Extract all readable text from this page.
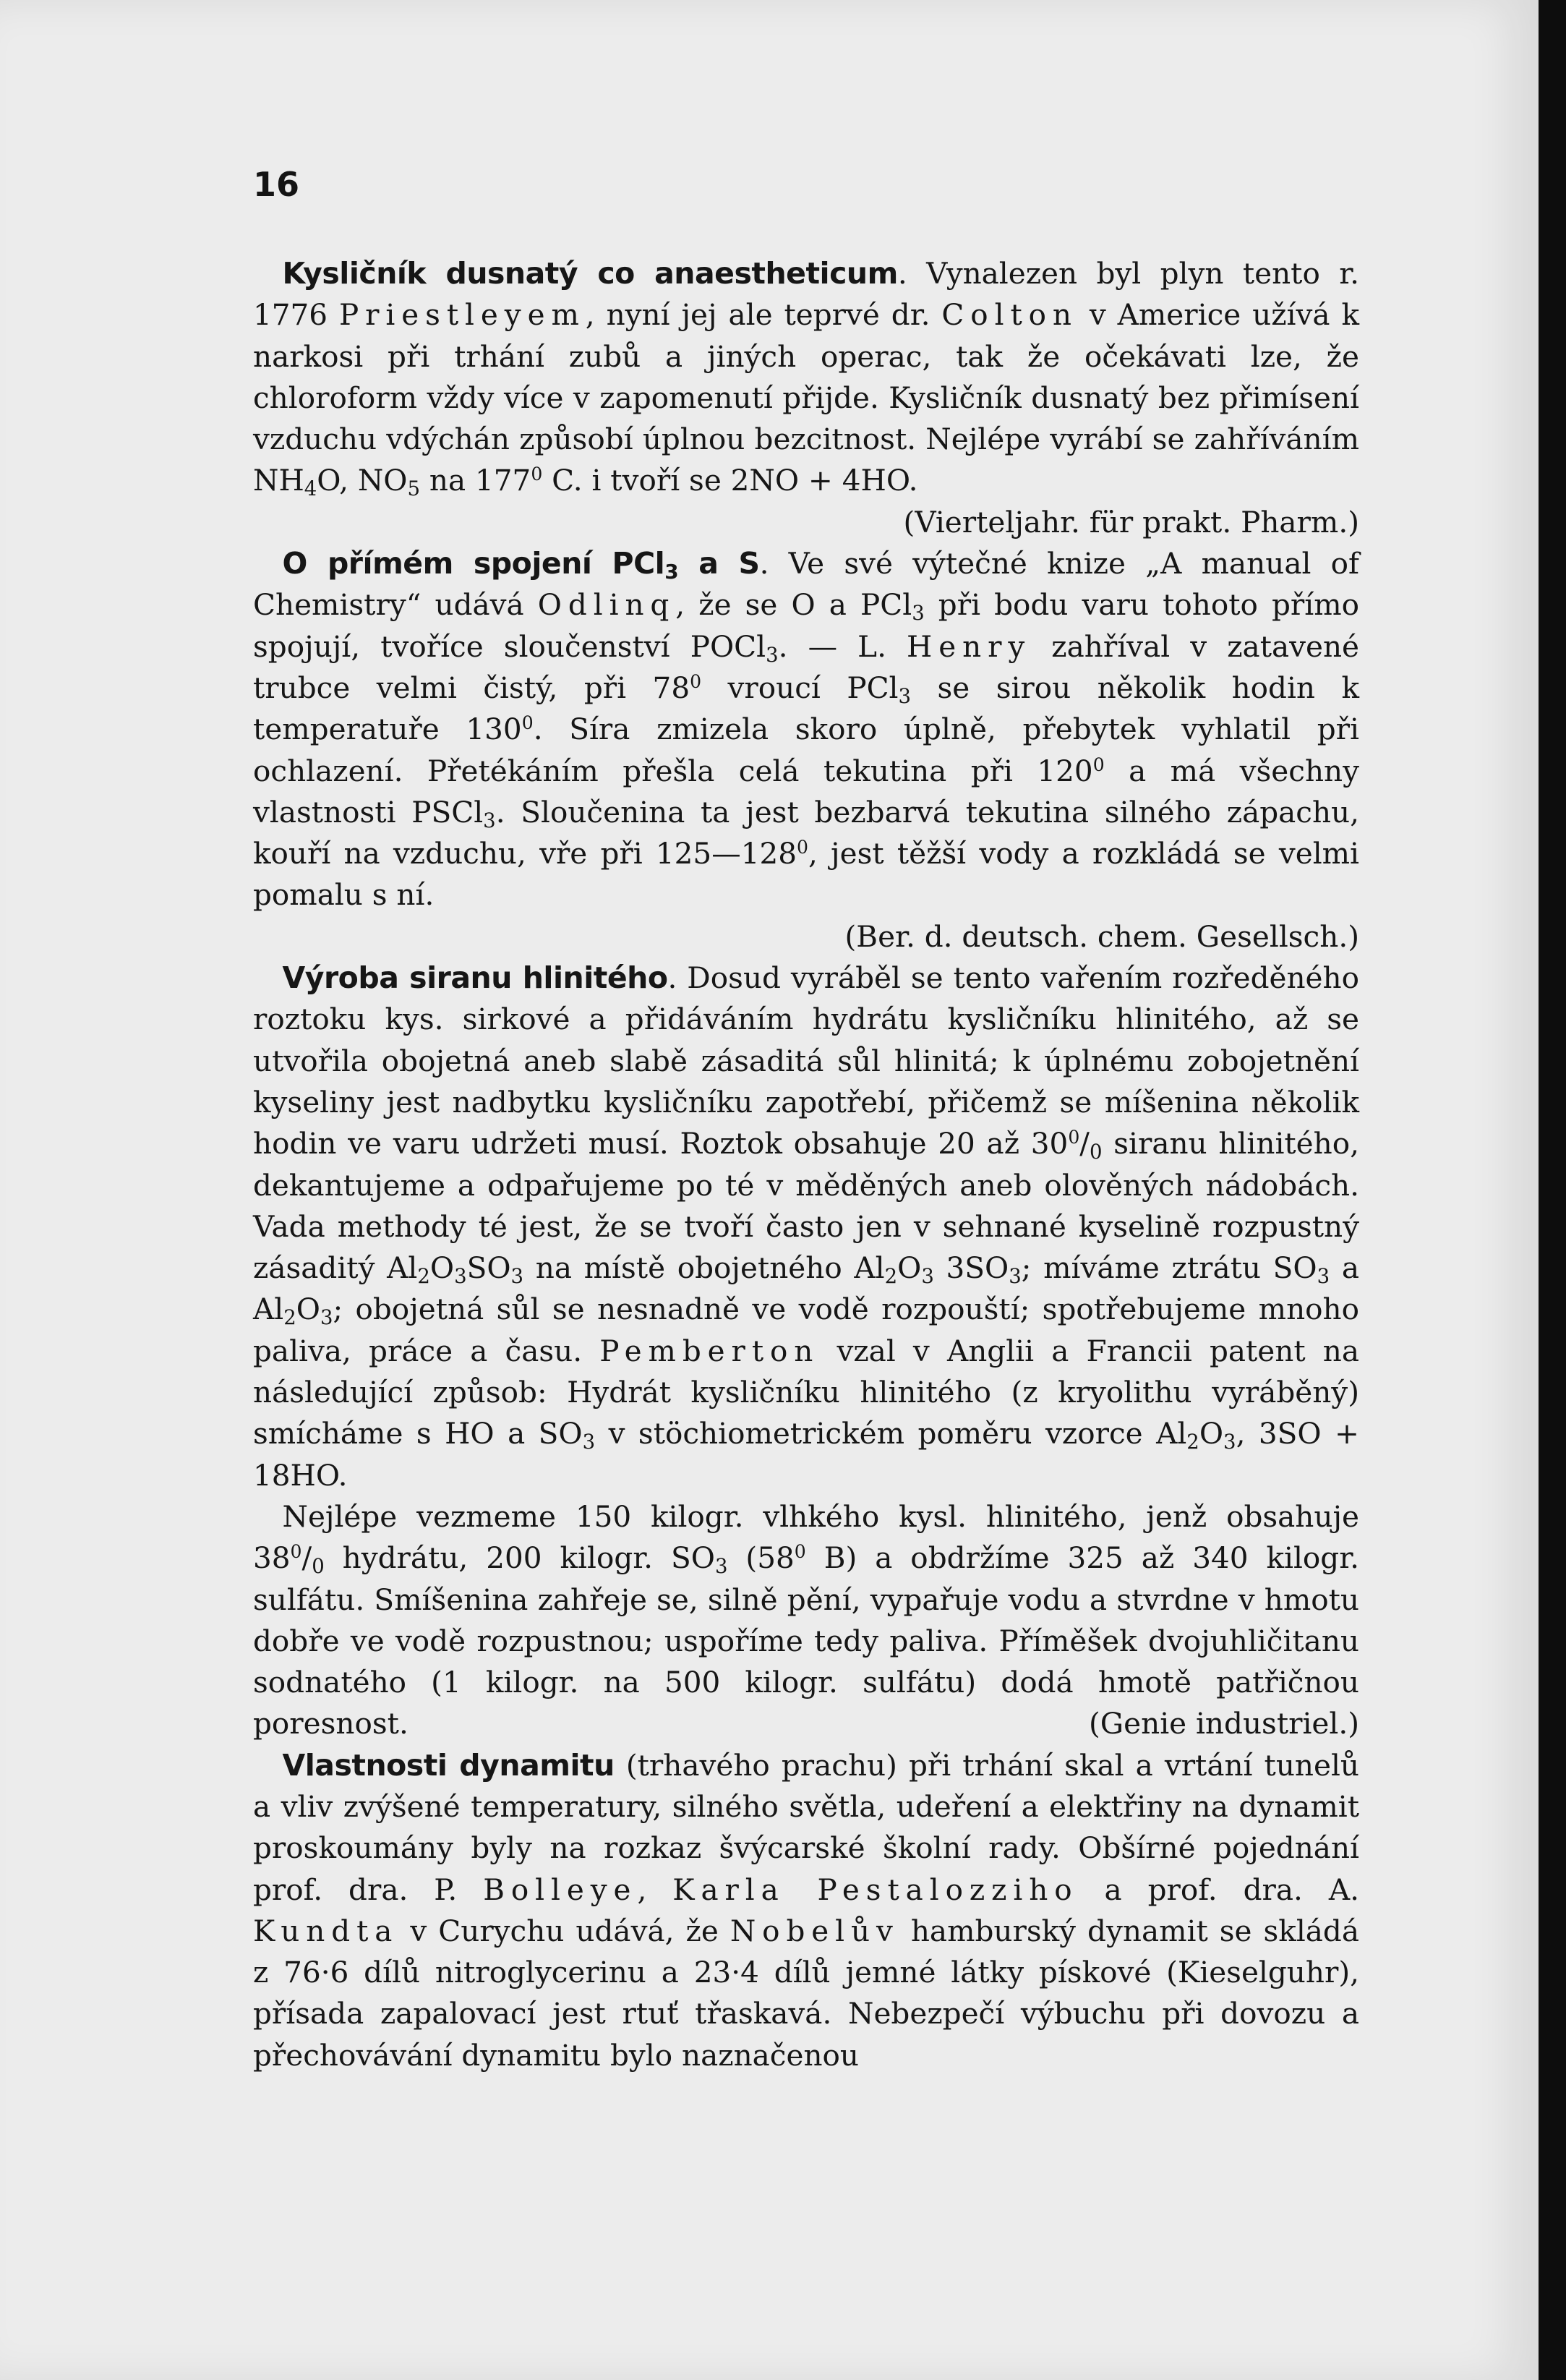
16

Kysličník dusnatý co anaestheticum. Vynalezen byl plyn tento r. 1776 Priestleyem, nyní jej ale teprvé dr. Colton v Americe užívá k narkosi při trhání zubů a jiných operac, tak že očekávati lze, že chloroform vždy více v zapomenutí přijde. Kysličník dusnatý bez přimísení vzduchu vdýchán způsobí úplnou bezcitnost. Nejlépe vyrábí se zahříváním $NH_4O$, $NO_5$ na $177^0$ C. i tvoří se 2NO + 4HO.

(Vierteljahr. für prakt. Pharm.)

O přímém spojení PCl$_3$ a S. Ve své výtečné knize „A manual of Chemistry“ udává Odlinq, že se O a PCl$_3$ při bodu varu tohoto přímo spojují, tvoříce sloučenství POCl$_3$. — L. Henry zahříval v zatavené trubce velmi čistý, při $78^0$ vroucí PCl$_3$ se sirou několik hodin k temperatuře $130^0$. Síra zmizela skoro úplně, přebytek vyhlatil při ochlazení. Přetékáním přešla celá tekutina při $120^0$ a má všechny vlastnosti PSCl$_3$. Sloučenina ta jest bezbarvá tekutina silného zápachu, kouří na vzduchu, vře při $125—128^0$, jest těžší vody a rozkládá se velmi pomalu s ní.

(Ber. d. deutsch. chem. Gesellsch.)

Výroba siranu hlinitého. Dosud vyráběl se tento vařením rozředěného roztoku kys. sirkové a přidáváním hydrátu kysličníku hlinitého, až se utvořila obojetná aneb slabě zásaditá sůl hlinitá; k úplnému zobojetnění kyseliny jest nadbytku kysličníku zapotřebí, přičemž se míšenina několik hodin ve varu udržeti musí. Roztok obsahuje 20 až $30^0/_0$ siranu hlinitého, dekantujeme a odpařujeme po té v měděných aneb olověných nádobách. Vada methody té jest, že se tvoří často jen v sehnané kyselině rozpustný zásaditý $Al_2O_3SO_3$ na místě obojetného $Al_2O_3$ $3SO_3$; míváme ztrátu $SO_3$ a $Al_2O_3$; obojetná sůl se nesnadně ve vodě rozpouští; spotřebujeme mnoho paliva, práce a času. Pemberton vzal v Anglii a Francii patent na následující způsob: Hydrát kysličníku hlinitého (z kryolithu vyráběný) smícháme s HO a $SO_3$ v stöchiometrickém poměru vzorce $Al_2O_3$, 3SO + 18HO.

Nejlépe vezmeme 150 kilogr. vlhkého kysl. hlinitého, jenž obsahuje $38^0/_0$ hydrátu, 200 kilogr. $SO_3$ ($58^0$ B) a obdržíme 325 až 340 kilogr. sulfátu. Smíšenina zahřeje se, silně pění, vypařuje vodu a stvrdne v hmotu dobře ve vodě rozpustnou; uspoříme tedy paliva. Příměšek dvojuhličitanu sodnatého (1 kilogr. na 500 kilogr. sulfátu) dodá hmotě patřičnou poresnost.	(Genie industriel.)

Vlastnosti dynamitu (trhavého prachu) při trhání skal a vrtání tunelů a vliv zvýšené temperatury, silného světla, udeření a elektřiny na dynamit proskoumány byly na rozkaz švýcarské školní rady. Obšírné pojednání prof. dra. P. Bolleye, Karla Pestalozziho a prof. dra. A. Kundta v Curychu udává, že Nobelův hamburský dynamit se skládá z 76·6 dílů nitroglycerinu a 23·4 dílů jemné látky pískové (Kieselguhr), přísada zapalovací jest rtuť třaskavá. Nebezpečí výbuchu při dovozu a přechovávání dynamitu bylo naznačenou
